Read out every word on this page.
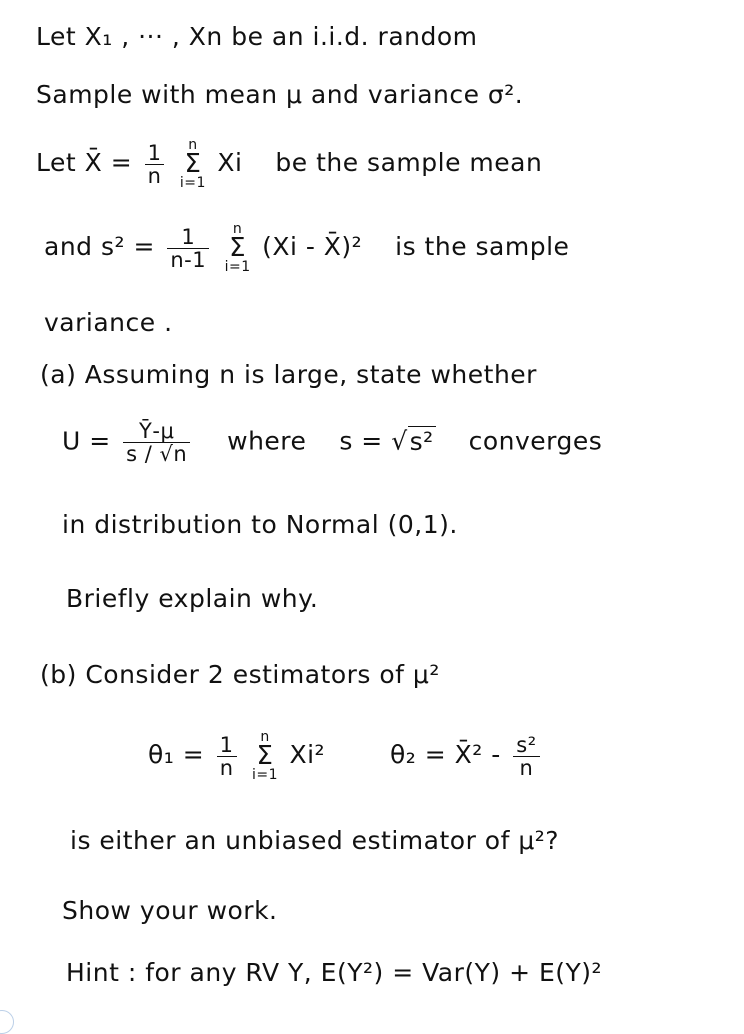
Let X₁ , ··· , Xn be an i.i.d. random
Sample with mean μ and variance σ².
Let X̄ = $\frac{1}{n}$
	n
Σ
i=1
Xi be the sample mean
and $s^2 = \frac{1}{n-1}$
	n
Σ
i=1
(Xi - X̄)² is the sample
variance .
(a) Assuming n is large, state whether
$U = \frac{Ȳ-\mu}{s / √n}$ where s = √s² converges
in distribution to Normal (0,1).
Briefly explain why.
(b) Consider 2 estimators of μ²
$\theta_1 = \frac{1}{n}$
	n
Σ
i=1
Xi²	θ₂ = X̄² - $\frac{\text{s²}}{n}$
is either an unbiased estimator of μ²?
Show your work.
Hint : for any RV Y, E(Y²) = Var(Y) + E(Y)²
